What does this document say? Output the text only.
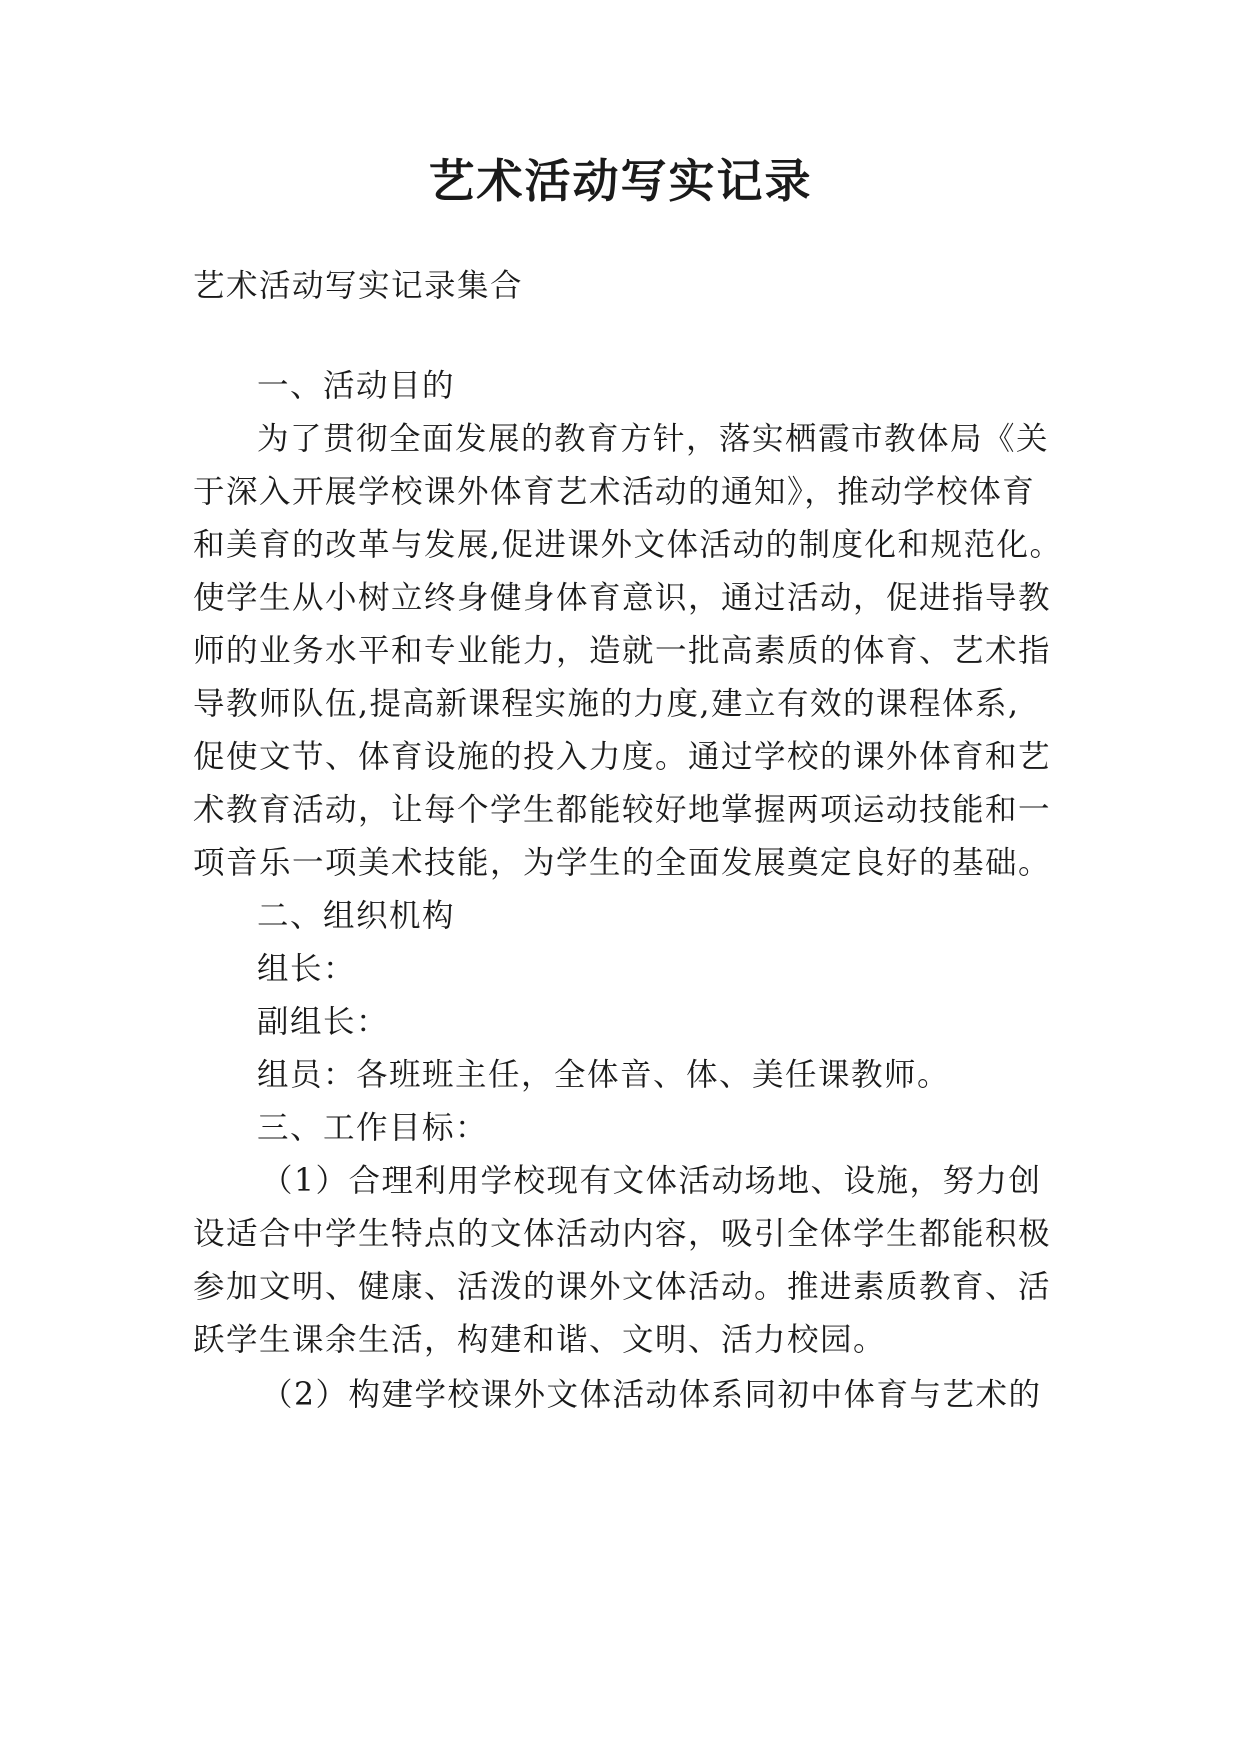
艺术活动写实记录

艺术活动写实记录集合

一、活动目的

为了贯彻全面发展的教育方针，落实栖霞市教体局《关

于深入开展学校课外体育艺术活动的通知》，推动学校体育

和美育的改革与发展,促进课外文体活动的制度化和规范化。

使学生从小树立终身健身体育意识，通过活动，促进指导教

师的业务水平和专业能力，造就一批高素质的体育、艺术指

导教师队伍,提高新课程实施的力度,建立有效的课程体系,

促使文节、体育设施的投入力度。通过学校的课外体育和艺

术教育活动，让每个学生都能较好地掌握两项运动技能和一

项音乐一项美术技能，为学生的全面发展奠定良好的基础。

二、组织机构

组长：

副组长：

组员：各班班主任，全体音、体、美任课教师。

三、工作目标：

（1）合理利用学校现有文体活动场地、设施，努力创

设适合中学生特点的文体活动内容，吸引全体学生都能积极

参加文明、健康、活泼的课外文体活动。推进素质教育、活

跃学生课余生活，构建和谐、文明、活力校园。

（2）构建学校课外文体活动体系同初中体育与艺术的
